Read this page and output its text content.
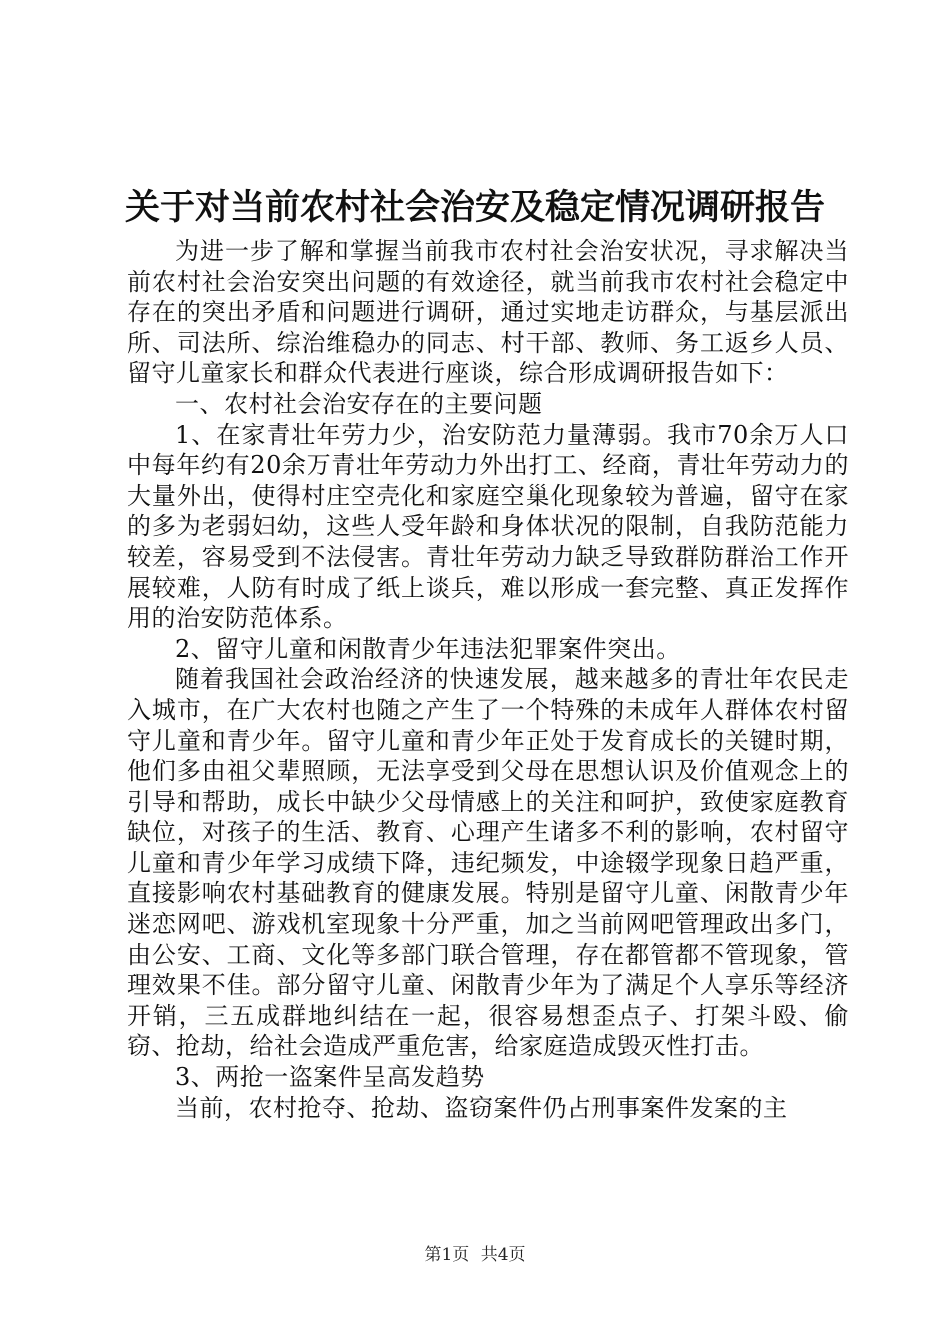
关于对当前农村社会治安及稳定情况调研报告

为进一步了解和掌握当前我市农村社会治安状况，寻求解决当前农村社会治安突出问题的有效途径，就当前我市农村社会稳定中存在的突出矛盾和问题进行调研，通过实地走访群众，与基层派出所、司法所、综治维稳办的同志、村干部、教师、务工返乡人员、留守儿童家长和群众代表进行座谈，综合形成调研报告如下：

一、农村社会治安存在的主要问题

1、在家青壮年劳力少，治安防范力量薄弱。我市70余万人口中每年约有20余万青壮年劳动力外出打工、经商，青壮年劳动力的大量外出，使得村庄空壳化和家庭空巢化现象较为普遍，留守在家的多为老弱妇幼，这些人受年龄和身体状况的限制，自我防范能力较差，容易受到不法侵害。青壮年劳动力缺乏导致群防群治工作开展较难，人防有时成了纸上谈兵，难以形成一套完整、真正发挥作用的治安防范体系。

2、留守儿童和闲散青少年违法犯罪案件突出。

随着我国社会政治经济的快速发展，越来越多的青壮年农民走入城市，在广大农村也随之产生了一个特殊的未成年人群体农村留守儿童和青少年。留守儿童和青少年正处于发育成长的关键时期，他们多由祖父辈照顾，无法享受到父母在思想认识及价值观念上的引导和帮助，成长中缺少父母情感上的关注和呵护，致使家庭教育缺位，对孩子的生活、教育、心理产生诸多不利的影响，农村留守儿童和青少年学习成绩下降，违纪频发，中途辍学现象日趋严重，直接影响农村基础教育的健康发展。特别是留守儿童、闲散青少年迷恋网吧、游戏机室现象十分严重，加之当前网吧管理政出多门，由公安、工商、文化等多部门联合管理，存在都管都不管现象，管理效果不佳。部分留守儿童、闲散青少年为了满足个人享乐等经济开销，三五成群地纠结在一起，很容易想歪点子、打架斗殴、偷窃、抢劫，给社会造成严重危害，给家庭造成毁灭性打击。

3、两抢一盗案件呈高发趋势

当前，农村抢夺、抢劫、盗窃案件仍占刑事案件发案的主

第1页 共4页
